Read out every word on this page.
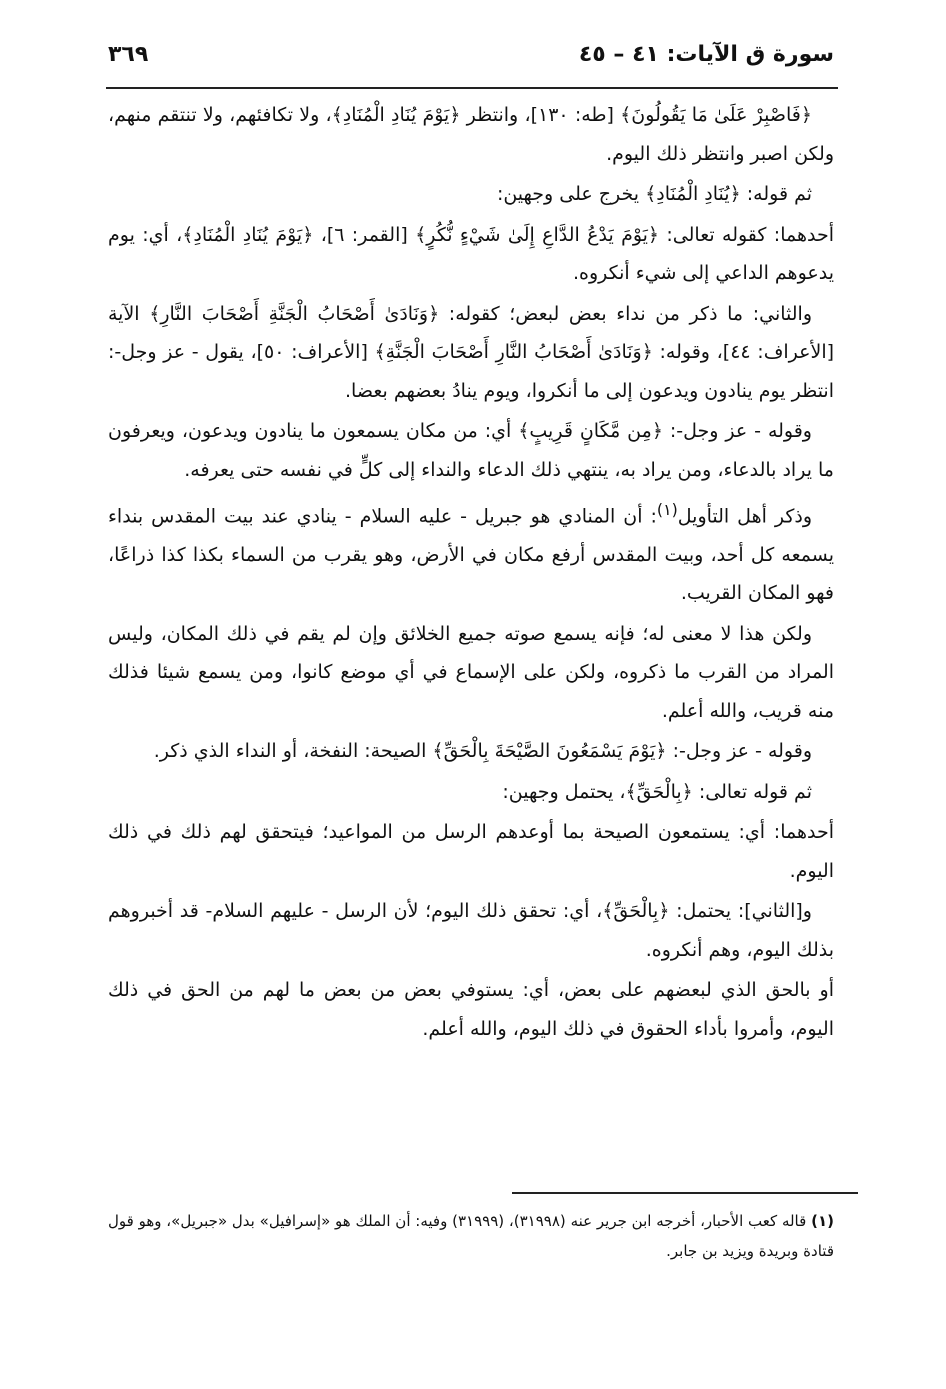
سورة ق الآيات: ٤١ – ٤٥
٣٦٩

﴿فَاصْبِرْ عَلَىٰ مَا يَقُولُونَ﴾ [طه: ١٣٠]، وانتظر ﴿يَوْمَ يُنَادِ الْمُنَادِ﴾، ولا تكافئهم، ولا تنتقم منهم، ولكن اصبر وانتظر ذلك اليوم.

ثم قوله: ﴿يُنَادِ الْمُنَادِ﴾ يخرج على وجهين:

أحدهما: كقوله تعالى: ﴿يَوْمَ يَدْعُ الدَّاعِ إِلَىٰ شَيْءٍ نُّكُرٍ﴾ [القمر: ٦]، ﴿يَوْمَ يُنَادِ الْمُنَادِ﴾، أي: يوم يدعوهم الداعي إلى شيء أنكروه.

والثاني: ما ذكر من نداء بعض لبعض؛ كقوله: ﴿وَنَادَىٰ أَصْحَابُ الْجَنَّةِ أَصْحَابَ النَّارِ﴾ الآية [الأعراف: ٤٤]، وقوله: ﴿وَنَادَىٰ أَصْحَابُ النَّارِ أَصْحَابَ الْجَنَّةِ﴾ [الأعراف: ٥٠]، يقول - عز وجل-: انتظر يوم ينادون ويدعون إلى ما أنكروا، ويوم ينادُ بعضهم بعضا.

وقوله - عز وجل-: ﴿مِن مَّكَانٍ قَرِيبٍ﴾ أي: من مكان يسمعون ما ينادون ويدعون، ويعرفون ما يراد بالدعاء، ومن يراد به، ينتهي ذلك الدعاء والنداء إلى كلٍّ في نفسه حتى يعرفه.

وذكر أهل التأويل$^{(١)}$: أن المنادي هو جبريل - عليه السلام - ينادي عند بيت المقدس بنداء يسمعه كل أحد، وبيت المقدس أرفع مكان في الأرض، وهو يقرب من السماء بكذا كذا ذراعًا، فهو المكان القريب.

ولكن هذا لا معنى له؛ فإنه يسمع صوته جميع الخلائق وإن لم يقم في ذلك المكان، وليس المراد من القرب ما ذكروه، ولكن على الإسماع في أي موضع كانوا، ومن يسمع شيئا فذلك منه قريب، والله أعلم.

وقوله - عز وجل-: ﴿يَوْمَ يَسْمَعُونَ الصَّيْحَةَ بِالْحَقِّ﴾ الصيحة: النفخة، أو النداء الذي ذكر.

ثم قوله تعالى: ﴿بِالْحَقِّ﴾، يحتمل وجهين:

أحدهما: أي: يستمعون الصيحة بما أوعدهم الرسل من المواعيد؛ فيتحقق لهم ذلك في ذلك اليوم.

و[الثاني]: يحتمل: ﴿بِالْحَقِّ﴾، أي: تحقق ذلك اليوم؛ لأن الرسل - عليهم السلام- قد أخبروهم بذلك اليوم، وهم أنكروه.

أو بالحق الذي لبعضهم على بعض، أي: يستوفي بعض من بعض ما لهم من الحق في ذلك اليوم، وأمروا بأداء الحقوق في ذلك اليوم، والله أعلم.

(١) قاله كعب الأحبار، أخرجه ابن جرير عنه (٣١٩٩٨)، (٣١٩٩٩) وفيه: أن الملك هو «إسرافيل» بدل «جبريل»، وهو قول قتادة وبريدة ويزيد بن جابر.
